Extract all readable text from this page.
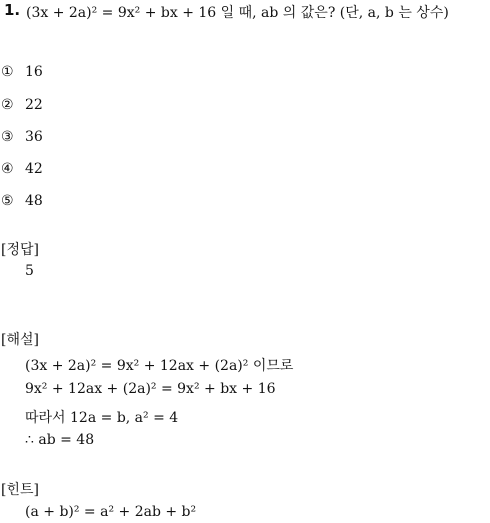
1. (3x + 2a)² = 9x² + bx + 16 일 때, ab 의 값은? (단, a, b 는 상수)
① 16
② 22
③ 36
④ 42
⑤ 48
[정답]
5
[해설]
(3x + 2a)² = 9x² + 12ax + (2a)² 이므로
9x² + 12ax + (2a)² = 9x² + bx + 16
따라서 12a = b, a² = 4
∴ ab = 48
[힌트]
(a + b)² = a² + 2ab + b²
